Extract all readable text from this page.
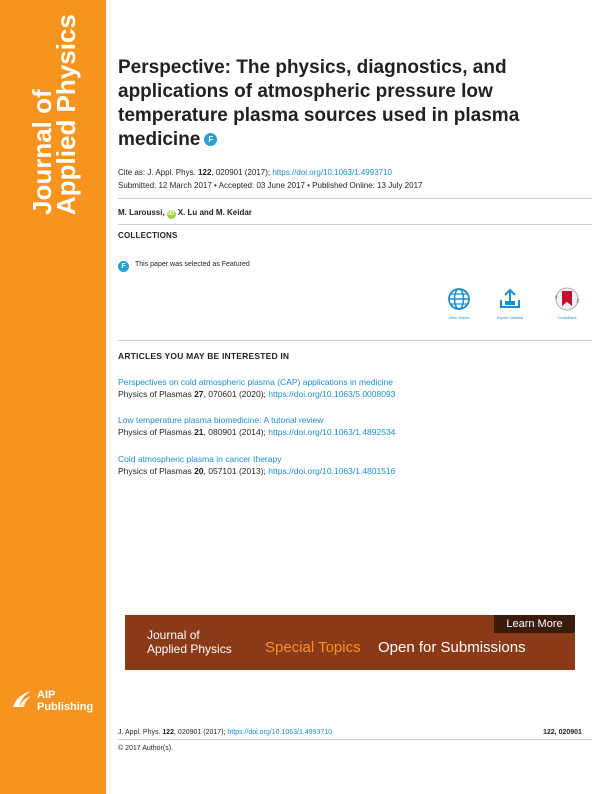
Journal of
Applied Physics
AIP
Publishing
Perspective: The physics, diagnostics, and applications of atmospheric pressure low temperature plasma sources used in plasma medicine F
Cite as: J. Appl. Phys. 122, 020901 (2017); https://doi.org/10.1063/1.4993710
Submitted: 12 March 2017 • Accepted: 03 June 2017 • Published Online: 13 July 2017
M. Laroussi, iD X. Lu and M. Keidar
COLLECTIONS
F This paper was selected as Featured
View Online	Export Citation	CrossMark
ARTICLES YOU MAY BE INTERESTED IN
Perspectives on cold atmospheric plasma (CAP) applications in medicine
Physics of Plasmas 27, 070601 (2020); https://doi.org/10.1063/5.0008093
Low temperature plasma biomedicine: A tutorial review
Physics of Plasmas 21, 080901 (2014); https://doi.org/10.1063/1.4892534
Cold atmospheric plasma in cancer therapy
Physics of Plasmas 20, 057101 (2013); https://doi.org/10.1063/1.4801516
Journal of
Applied Physics Special Topics Open for Submissions
Learn More
J. Appl. Phys. 122, 020901 (2017); https://doi.org/10.1063/1.4993710	122, 020901
© 2017 Author(s).
